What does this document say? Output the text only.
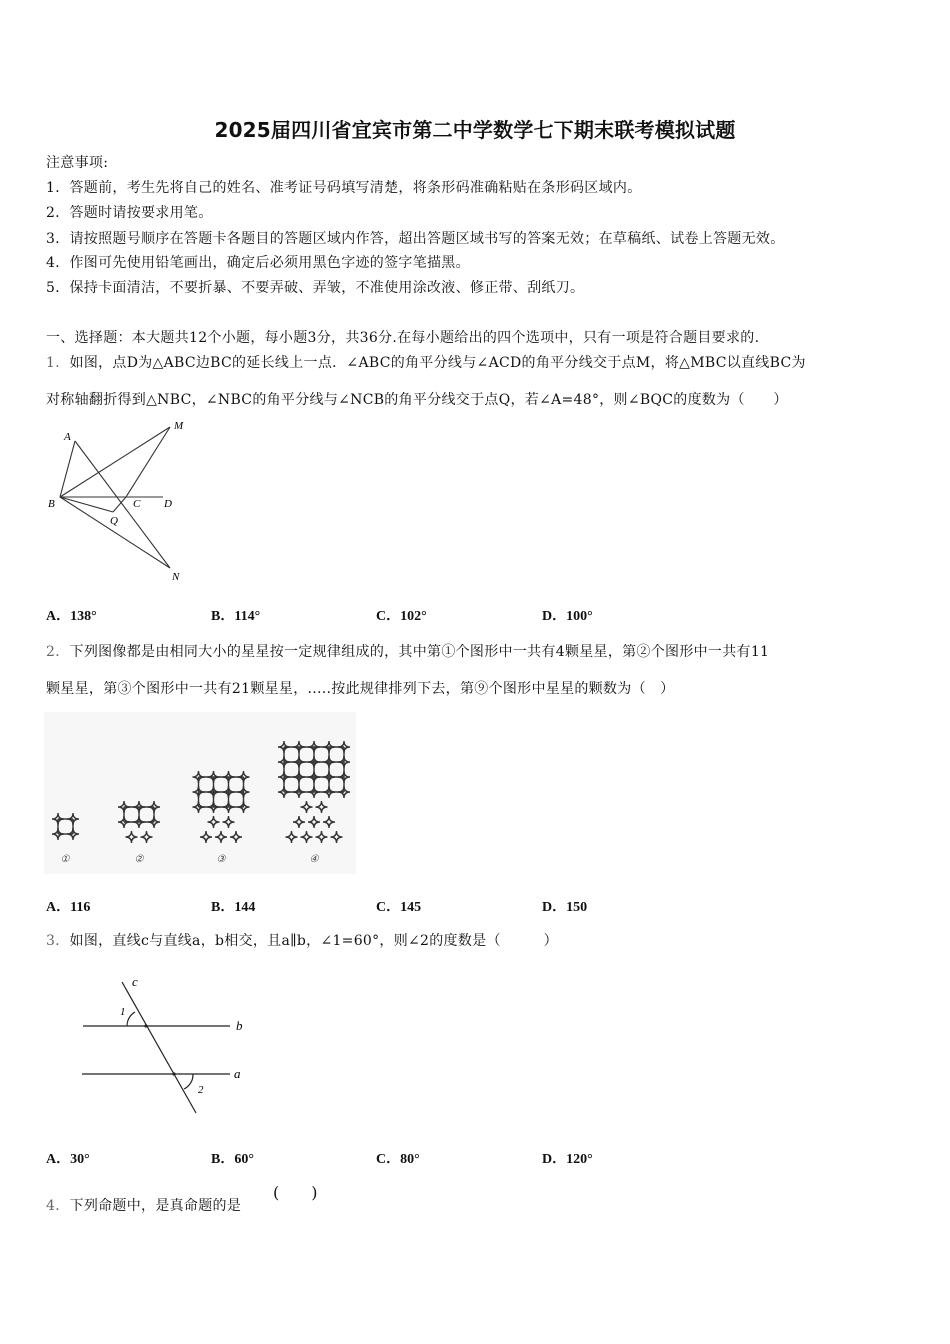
2025届四川省宜宾市第二中学数学七下期末联考模拟试题
注意事项:
1．答题前，考生先将自己的姓名、准考证号码填写清楚，将条形码准确粘贴在条形码区域内。
2．答题时请按要求用笔。
3．请按照题号顺序在答题卡各题目的答题区域内作答，超出答题区域书写的答案无效；在草稿纸、试卷上答题无效。
4．作图可先使用铅笔画出，确定后必须用黑色字迹的签字笔描黑。
5．保持卡面清洁，不要折暴、不要弄破、弄皱，不准使用涂改液、修正带、刮纸刀。
一、选择题：本大题共12个小题，每小题3分，共36分.在每小题给出的四个选项中，只有一项是符合题目要求的.
1．如图，点D为△ABC边BC的延长线上一点．∠ABC的角平分线与∠ACD的角平分线交于点M，将△MBC以直线BC为
对称轴翻折得到△NBC，∠NBC的角平分线与∠NCB的角平分线交于点Q，若∠A=48°，则∠BQC的度数为（　　）
A
B	C D
M
N
Q
A．138°	B．114°	C．102°	D．100°
2．下列图像都是由相同大小的星星按一定规律组成的，其中第①个图形中一共有4颗星星，第②个图形中一共有11
颗星星，第③个图形中一共有21颗星星，.....按此规律排列下去，第⑨个图形中星星的颗数为（　）
①	②	③	④
A．116	B．144	C．145	D．150
3．如图，直线c与直线a，b相交，且a∥b，∠1=60°，则∠2的度数是（　　　）
c
b
a
1
2
A．30°	B．60°	C．80°	D．120°
4．下列命题中，是真命题的是
(　　)
